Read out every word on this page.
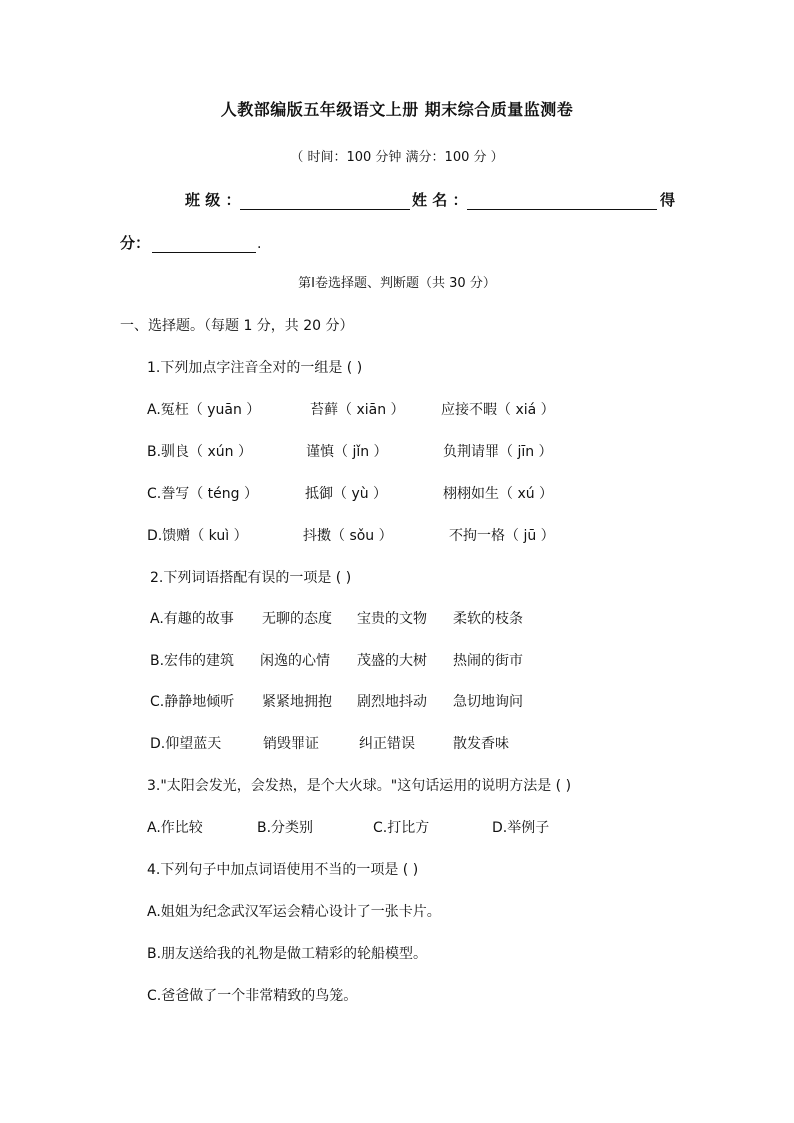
人教部编版五年级语文上册 期末综合质量监测卷
（ 时间：100 分钟 满分：100 分 ）
班 级 ：	姓 名 ：	得
分：	.
第Ⅰ卷选择题、判断题（共 30 分）
一、选择题。（每题 1 分，共 20 分）
1.下列加点字注音全对的一组是 ( )
A.冤枉（ yuān ）	苔藓（ xiān ）	应接不暇（ xiá ）
B.驯良（ xún ）	谨慎（ jǐn ）	负荆请罪（ jīn ）
C.誊写（ téng ）	抵御（ yù ）	栩栩如生（ xú ）
D.馈赠（ kuì ）	抖擞（ sǒu ）	不拘一格（ jū ）
2.下列词语搭配有误的一项是 ( )
A.有趣的故事 无聊的态度 宝贵的文物 柔软的枝条
B.宏伟的建筑 闲逸的心情 茂盛的大树 热闹的街市
C.静静地倾听 紧紧地拥抱 剧烈地抖动 急切地询问
D.仰望蓝天	销毁罪证	纠正错误	散发香味
3."太阳会发光，会发热，是个大火球。"这句话运用的说明方法是 ( )
A.作比较	B.分类别	C.打比方	D.举例子
4.下列句子中加点词语使用不当的一项是 ( )
A.姐姐为纪念武汉军运会精心设计了一张卡片。
B.朋友送给我的礼物是做工精彩的轮船模型。
C.爸爸做了一个非常精致的鸟笼。
